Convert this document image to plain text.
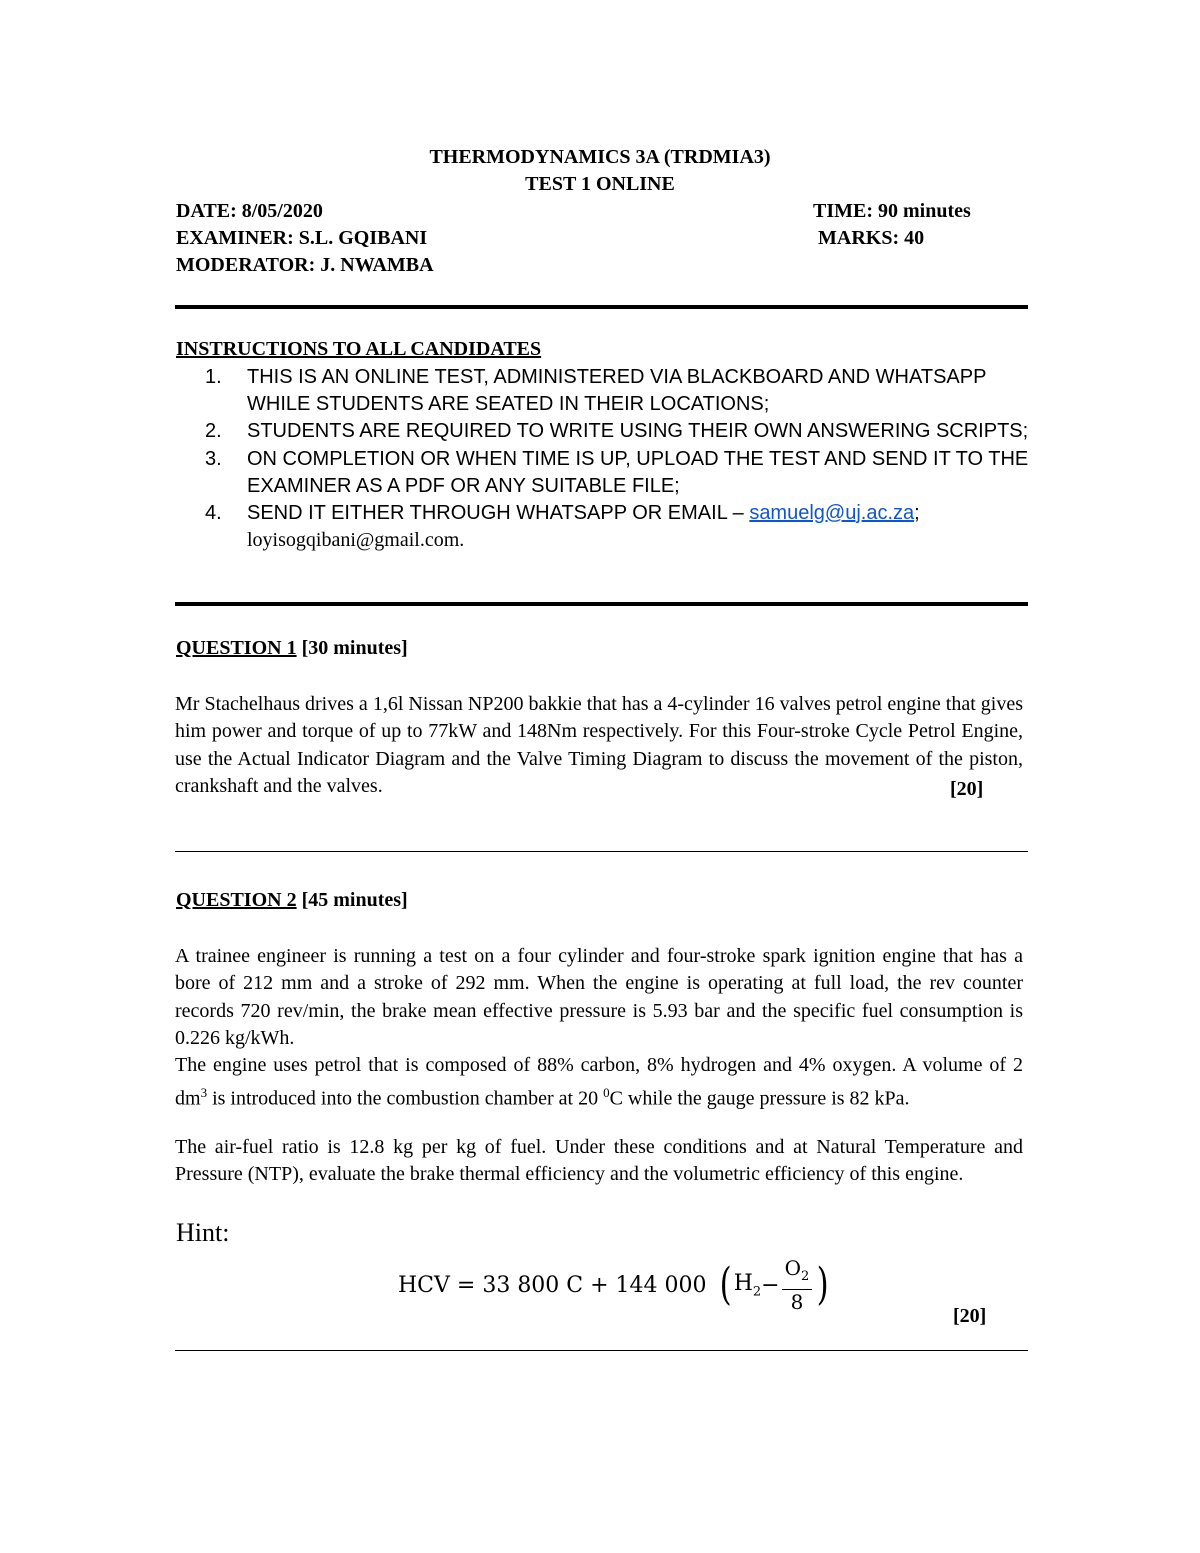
THERMODYNAMICS 3A (TRDMIA3)
TEST 1 ONLINE
DATE: 8/05/2020	TIME: 90 minutes
EXAMINER: S.L. GQIBANI	MARKS: 40
MODERATOR: J. NWAMBA
INSTRUCTIONS TO ALL CANDIDATES
1.	THIS IS AN ONLINE TEST, ADMINISTERED VIA BLACKBOARD AND WHATSAPP WHILE STUDENTS ARE SEATED IN THEIR LOCATIONS;
2.	STUDENTS ARE REQUIRED TO WRITE USING THEIR OWN ANSWERING SCRIPTS;
3.	ON COMPLETION OR WHEN TIME IS UP, UPLOAD THE TEST AND SEND IT TO THE EXAMINER AS A PDF OR ANY SUITABLE FILE;
4.	SEND IT EITHER THROUGH WHATSAPP OR EMAIL – samuelg@uj.ac.za;
loyisogqibani@gmail.com.
QUESTION 1 [30 minutes]
Mr Stachelhaus drives a 1,6l Nissan NP200 bakkie that has a 4-cylinder 16 valves petrol engine that gives him power and torque of up to 77kW and 148Nm respectively. For this Four-stroke Cycle Petrol Engine, use the Actual Indicator Diagram and the Valve Timing Diagram to discuss the movement of the piston, crankshaft and the valves.	[20]
QUESTION 2 [45 minutes]
A trainee engineer is running a test on a four cylinder and four-stroke spark ignition engine that has a bore of 212 mm and a stroke of 292 mm. When the engine is operating at full load, the rev counter records 720 rev/min, the brake mean effective pressure is 5.93 bar and the specific fuel consumption is 0.226 kg/kWh.
The engine uses petrol that is composed of 88% carbon, 8% hydrogen and 4% oxygen. A volume of 2 $dm^3$ is introduced into the combustion chamber at 20 $^0$C while the gauge pressure is 82 kPa.
The air-fuel ratio is 12.8 kg per kg of fuel. Under these conditions and at Natural Temperature and Pressure (NTP), evaluate the brake thermal efficiency and the volumetric efficiency of this engine.
Hint:
HCV = 33 800 C + 144 000 ( $H_2 - \frac{O_2}{8}$ )
[20]
